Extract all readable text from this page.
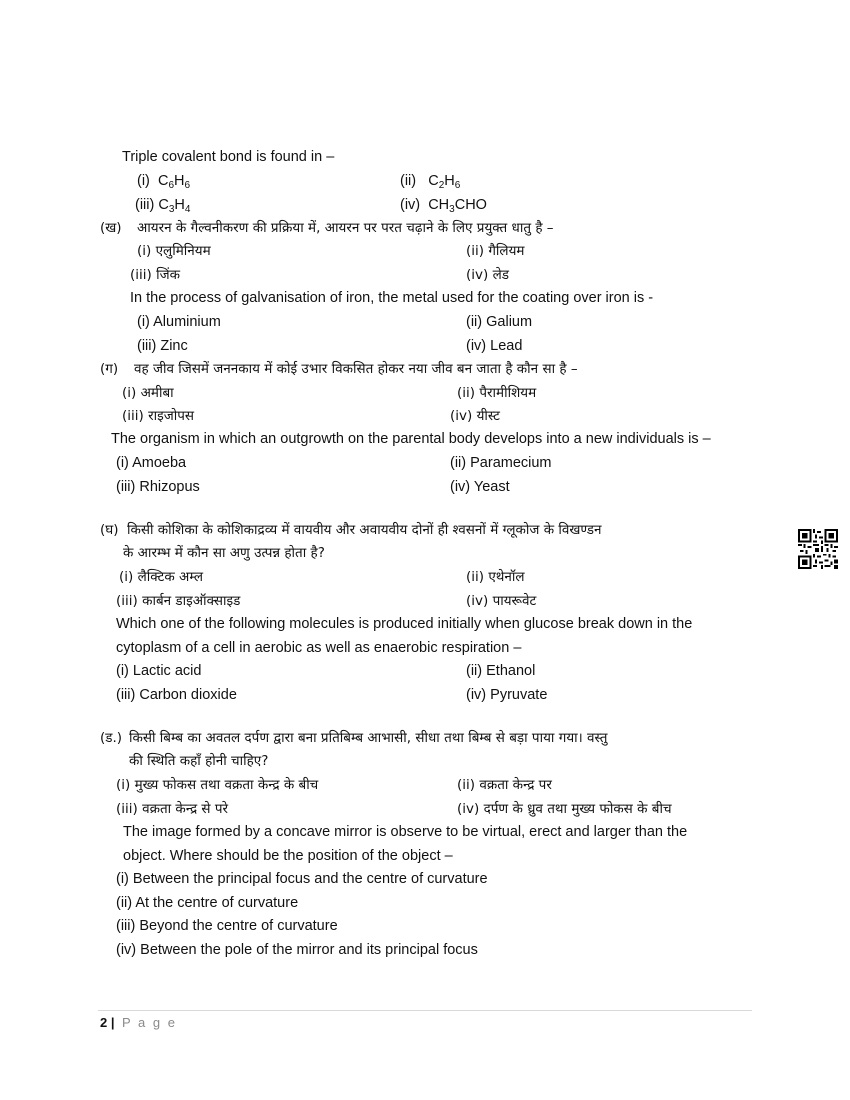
Triple covalent bond is found in –
(i) $C_6H_6$	(ii) $C_2H_6$
(iii) $C_3H_4$	(iv) $CH_3CHO$
(ख) आयरन के गैल्वनीकरण की प्रक्रिया में, आयरन पर परत चढ़ाने के लिए प्रयुक्त धातु है –
(i) एलुमिनियम	(ii) गैलियम
(iii) जिंक	(iv) लेड
In the process of galvanisation of iron, the metal used for the coating over iron is -
(i) Aluminium	(ii) Galium
(iii) Zinc	(iv) Lead
(ग) वह जीव जिसमें जननकाय में कोई उभार विकसित होकर नया जीव बन जाता है कौन सा है –
(i) अमीबा	(ii) पैरामीशियम
(iii) राइजोपस	(iv) यीस्ट
The organism in which an outgrowth on the parental body develops into a new individuals is –
(i) Amoeba	(ii) Paramecium
(iii) Rhizopus	(iv) Yeast
(घ) किसी कोशिका के कोशिकाद्रव्य में वायवीय और अवायवीय दोनों ही श्वसनों में ग्लूकोज के विखण्डन
के आरम्भ में कौन सा अणु उत्पन्न होता है?
(i) लैक्टिक अम्ल	(ii) एथेनॉल
(iii) कार्बन डाइऑक्साइड	(iv) पायरूवेट
Which one of the following molecules is produced initially when glucose break down in the
cytoplasm of a cell in aerobic as well as enaerobic respiration –
(i) Lactic acid	(ii) Ethanol
(iii) Carbon dioxide	(iv) Pyruvate
(ड.) किसी बिम्ब का अवतल दर्पण द्वारा बना प्रतिबिम्ब आभासी, सीधा तथा बिम्ब से बड़ा पाया गया। वस्तु
की स्थिति कहाँ होनी चाहिए?
(i) मुख्य फोकस तथा वक्रता केन्द्र के बीच	(ii) वक्रता केन्द्र पर
(iii) वक्रता केन्द्र से परे	(iv) दर्पण के ध्रुव तथा मुख्य फोकस के बीच
The image formed by a concave mirror is observe to be virtual, erect and larger than the
object. Where should be the position of the object –
(i) Between the principal focus and the centre of curvature
(ii) At the centre of curvature
(iii) Beyond the centre of curvature
(iv) Between the pole of the mirror and its principal focus
2 | P a g e
